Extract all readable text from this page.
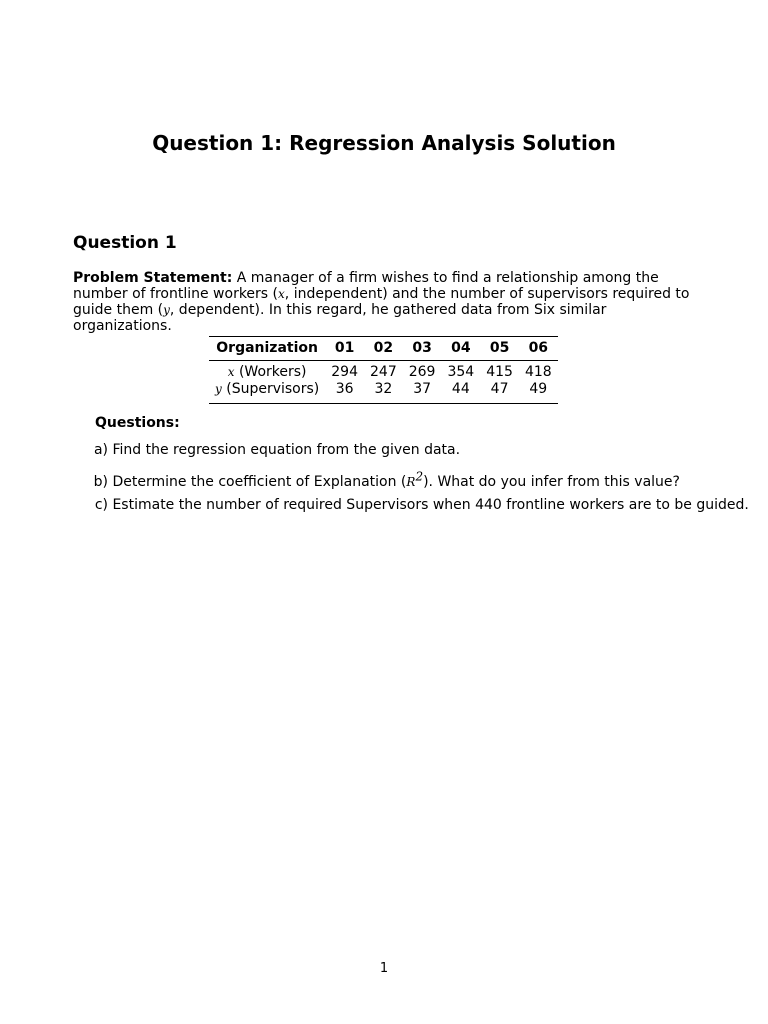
Question 1: Regression Analysis Solution
Question 1
Problem Statement: A manager of a firm wishes to find a relationship among the number of frontline workers (x, independent) and the number of supervisors required to guide them (y, dependent). In this regard, he gathered data from Six similar organizations.
Organization	01	02	03	04	05	06
x (Workers)	294	247	269	354	415	418
y (Supervisors)	36	32	37	44	47	49
Questions:
a) Find the regression equation from the given data.
b) Determine the coefficient of Explanation $(R^2)$. What do you infer from this value?
c) Estimate the number of required Supervisors when 440 frontline workers are to be guided.
1
